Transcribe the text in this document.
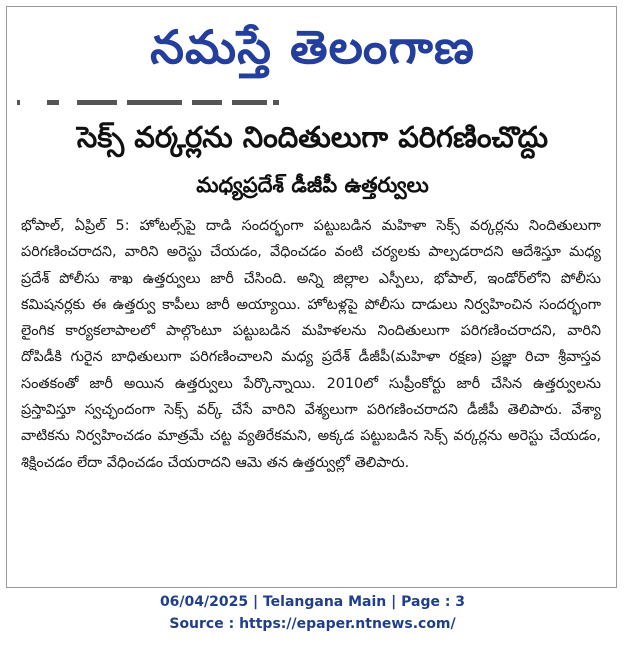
నమస్తే తెలంగాణ
సెక్స్ వర్కర్లను నిందితులుగా పరిగణించొద్దు
మధ్యప్రదేశ్ డీజీపీ ఉత్తర్వులు
భోపాల్, ఏప్రిల్ 5: హోటల్స్‌పై దాడి సందర్భంగా పట్టుబడిన మహిళా సెక్స్ వర్కర్లను నిందితులుగా పరిగణించరాదని, వారిని అరెస్టు చేయడం, వేధించడం వంటి చర్యలకు పాల్పడరాదని ఆదేశిస్తూ మధ్య ప్రదేశ్ పోలీసు శాఖ ఉత్తర్వులు జారీ చేసింది. అన్ని జిల్లాల ఎస్పీలు, భోపాల్, ఇండోర్‌లోని పోలీసు కమిషనర్లకు ఈ ఉత్తర్వు కాపీలు జారీ అయ్యాయి. హోటళ్లపై పోలీసు దాడులు నిర్వహించిన సందర్భంగా లైంగిక కార్యకలాపాలలో పాల్గొంటూ పట్టుబడిన మహిళలను నిందితులుగా పరిగణించరాదని, వారిని దోపిడీకి గురైన బాధితులుగా పరిగణించాలని మధ్య ప్రదేశ్ డీజీపీ(మహిళా రక్షణ) ప్రజ్ఞా రిచా శ్రీవాస్తవ సంతకంతో జారీ అయిన ఉత్తర్వులు పేర్కొన్నాయి. 2010లో సుప్రీంకోర్టు జారీ చేసిన ఉత్తర్వులను ప్రస్తావిస్తూ స్వచ్ఛందంగా సెక్స్ వర్క్ చేసే వారిని వేశ్యలుగా పరిగణించరాదని డీజీపీ తెలిపారు. వేశ్యా వాటికను నిర్వహించడం మాత్రమే చట్ట వ్యతిరేకమని, అక్కడ పట్టుబడిన సెక్స్ వర్కర్లను అరెస్టు చేయడం, శిక్షించడం లేదా వేధించడం చేయరాదని ఆమె తన ఉత్తర్వుల్లో తెలిపారు.
06/04/2025 | Telangana Main | Page : 3
Source : https://epaper.ntnews.com/
